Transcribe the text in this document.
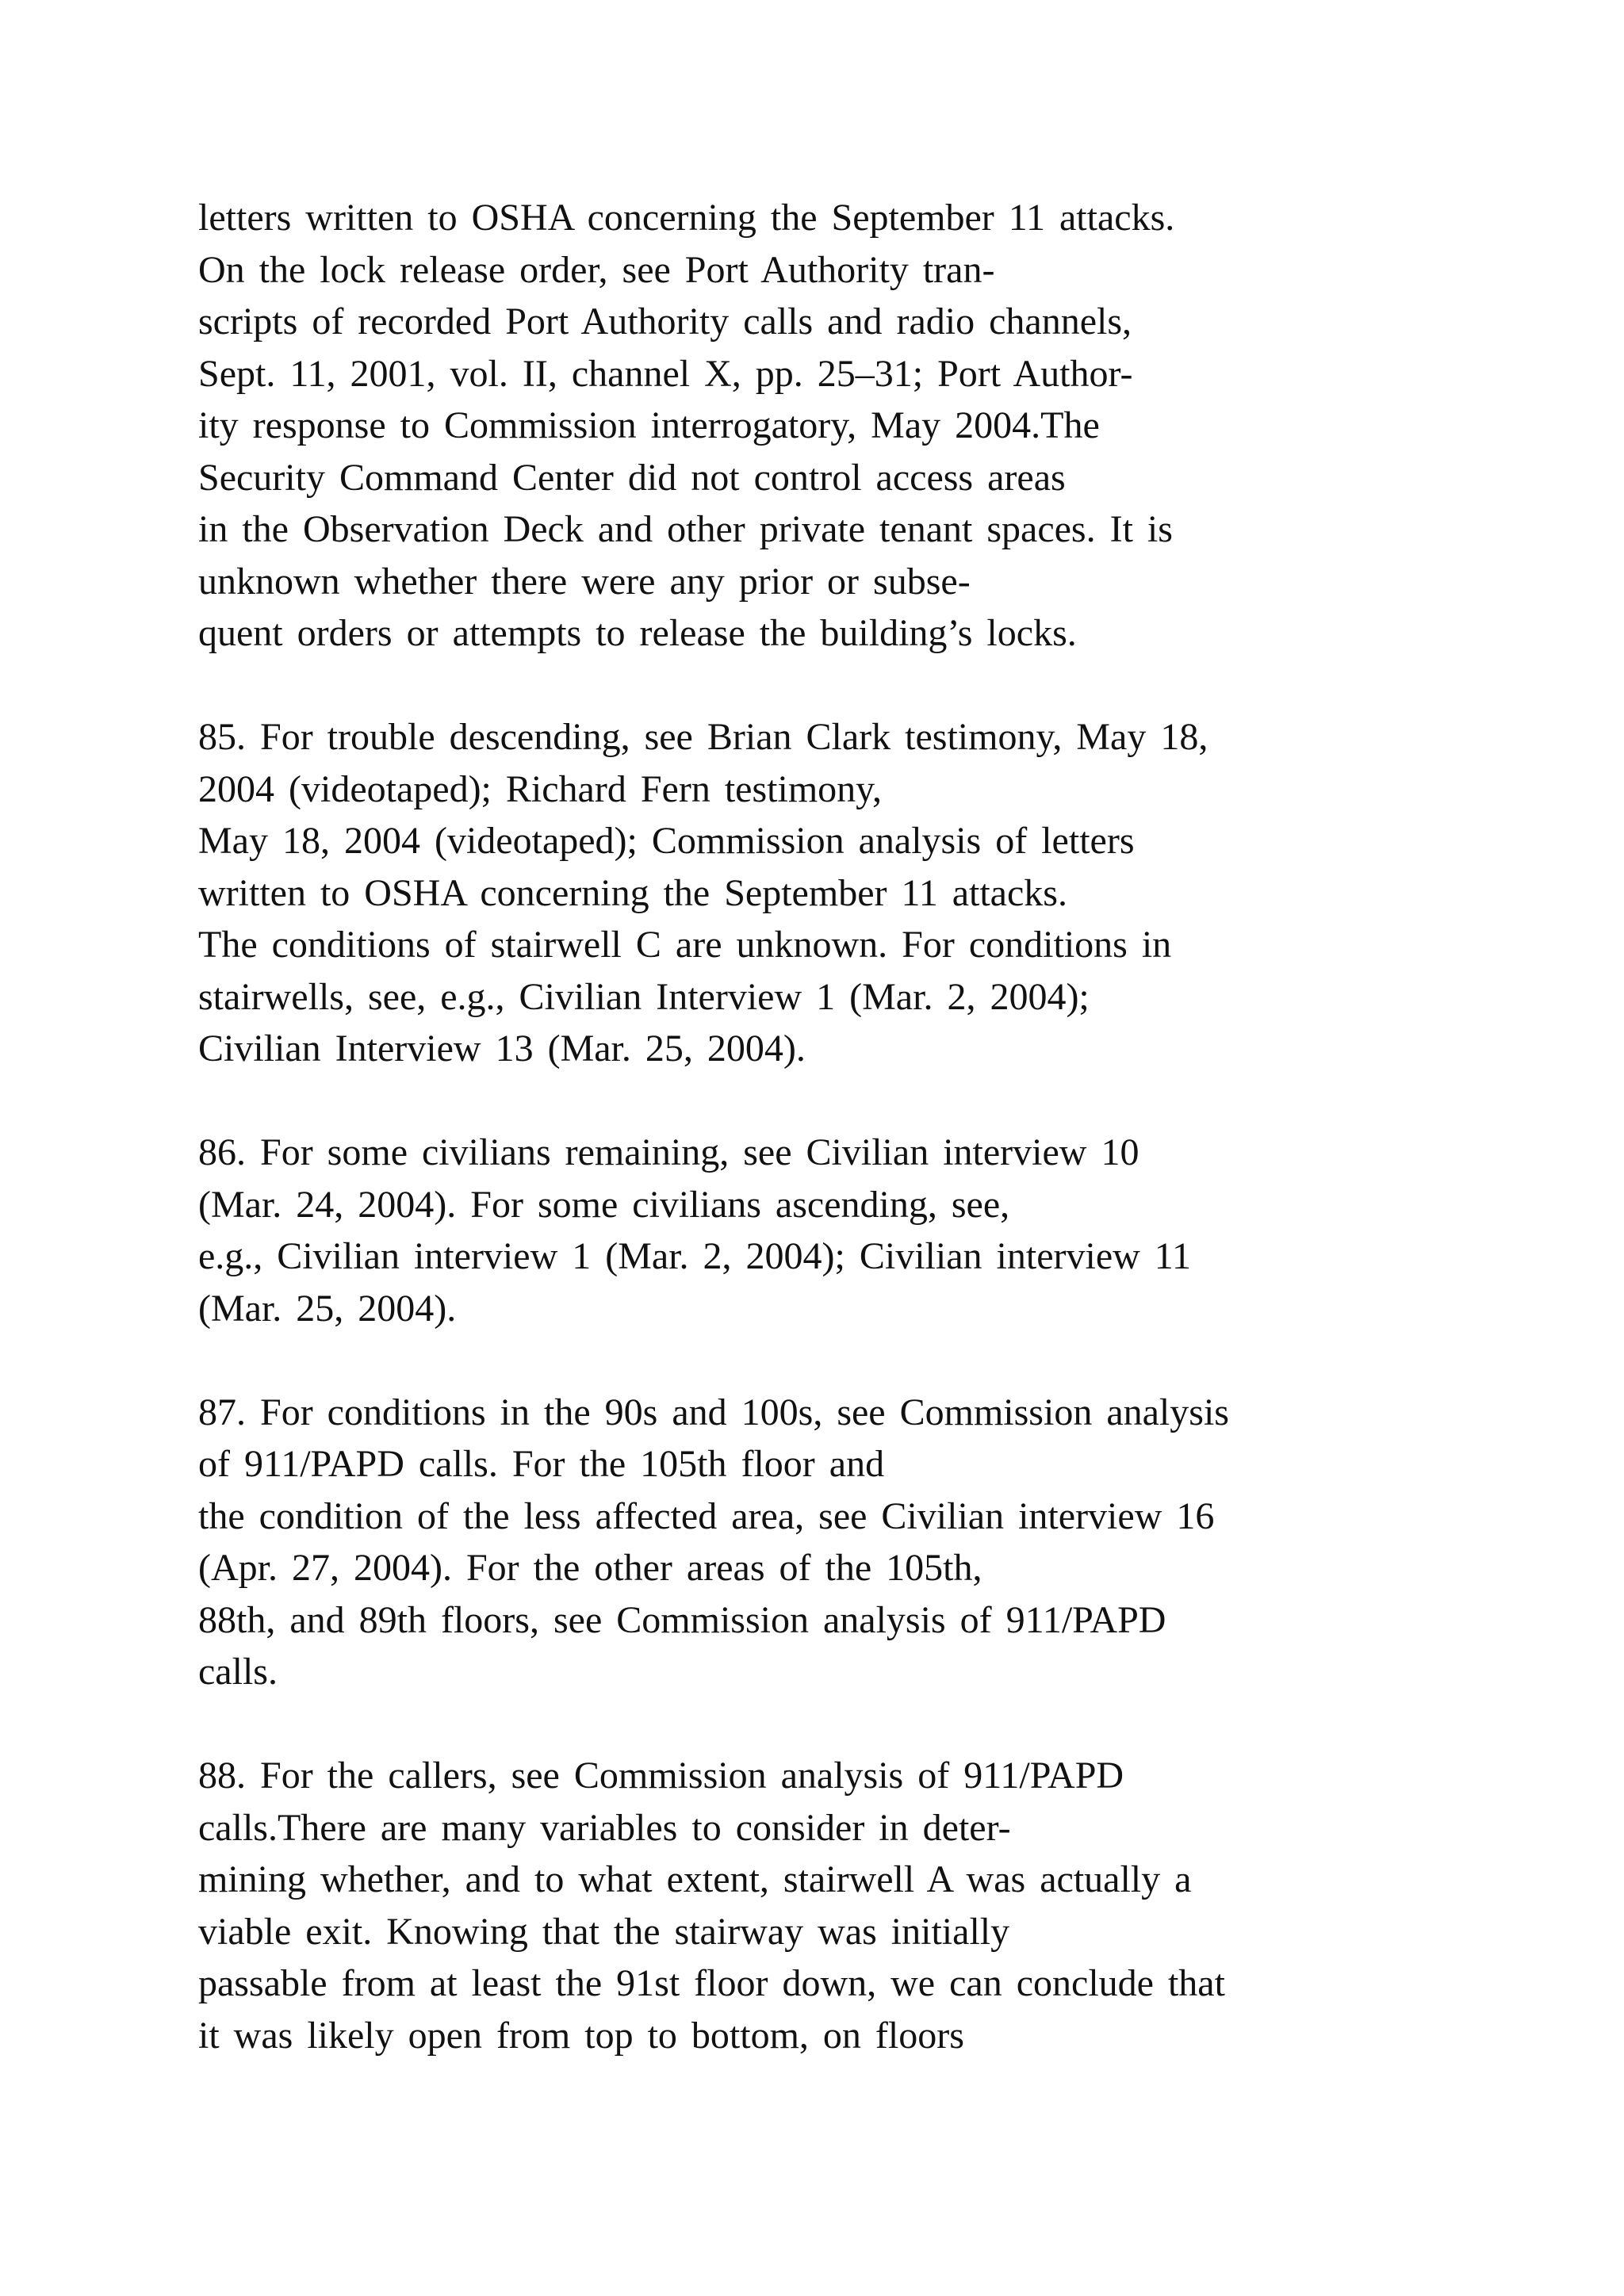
letters written to OSHA concerning the September 11 attacks.
On the lock release order, see Port Authority tran-
scripts of recorded Port Authority calls and radio channels,
Sept. 11, 2001, vol. II, channel X, pp. 25–31; Port Author-
ity response to Commission interrogatory, May 2004.The
Security Command Center did not control access areas
in the Observation Deck and other private tenant spaces. It is
unknown whether there were any prior or subse-
quent orders or attempts to release the building’s locks.

85. For trouble descending, see Brian Clark testimony, May 18,
2004 (videotaped); Richard Fern testimony,
May 18, 2004 (videotaped); Commission analysis of letters
written to OSHA concerning the September 11 attacks.
The conditions of stairwell C are unknown. For conditions in
stairwells, see, e.g., Civilian Interview 1 (Mar. 2, 2004);
Civilian Interview 13 (Mar. 25, 2004).

86. For some civilians remaining, see Civilian interview 10
(Mar. 24, 2004). For some civilians ascending, see,
e.g., Civilian interview 1 (Mar. 2, 2004); Civilian interview 11
(Mar. 25, 2004).

87. For conditions in the 90s and 100s, see Commission analysis
of 911/PAPD calls. For the 105th floor and
the condition of the less affected area, see Civilian interview 16
(Apr. 27, 2004). For the other areas of the 105th,
88th, and 89th floors, see Commission analysis of 911/PAPD
calls.

88. For the callers, see Commission analysis of 911/PAPD
calls.There are many variables to consider in deter-
mining whether, and to what extent, stairwell A was actually a
viable exit. Knowing that the stairway was initially
passable from at least the 91st floor down, we can conclude that
it was likely open from top to bottom, on floors
